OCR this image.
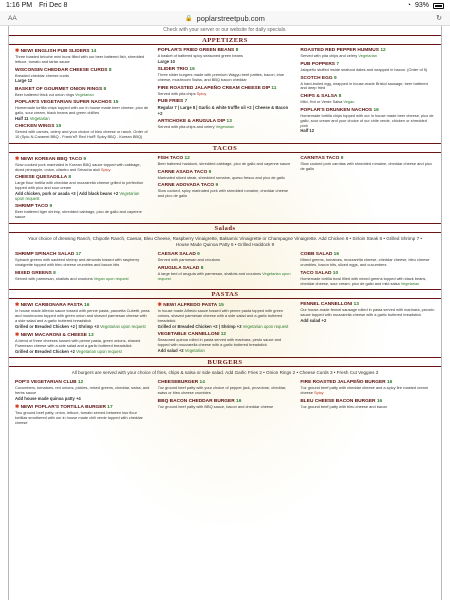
1:16 PM Fri Dec 8	◔ 93%
AA	🔒 poplarstreetpub.com	↻
Check with your server or our website for daily specials.
APPETIZERS
✱ NEW! ENGLISH PUB SLIDERS 14
Three toasted brioche mini buns filled with our beer battered fish, shredded lettuce, tomato and tartar sauce
WISCONSIN CHEDDAR CHEESE CURDS 8
Breaded cheddar cheese curds
Large 12
BASKET OF GOURMET ONION RINGS 8
Beer battered thick cut onion rings Vegetarian
POPLAR'S VEGETARIAN SUPER NACHOS 15
Homemade tortilla chips topped with our in house made beer cheese, pico de gallo, sour cream, black beans and green chillies
Half 11 Vegetarian
CHICKEN WINGS 15
Served with carrots, celery and your choice of bleu cheese or ranch. Order of 10 (Spic-N-Caramel BBQ - Frank's® Red Hot® Spicy BBQ - Korean BBQ)
POPLAR'S FRIED GREEN BEANS 8
A basket of battered spicy seasoned green beans
Large 10
SLIDER TRIO 16
Three slider burgers made with premium Wagyu beef patties, bacon, blue cheese, mushroom Swiss, and BBQ bacon cheddar
FIRE ROASTED JALAPEÑO CREAM CHEESE DIP 11
Served with pita chips Spicy
PUB FRIES 7
Regular 7 | Large 8 | Garlic & white truffle oil +2 | Cheese & Bacon +2
ARTICHOKE & ARUGULA DIP 13
Served with pita chips and celery Vegetarian
ROASTED RED PEPPER HUMMUS 12
Served with pita chips and celery Vegetarian
PUB POPPERS 7
Jalapeño stuffed inside seafood dates and wrapped in bacon. (Order of 5)
SCOTCH EGG 9
A hard-boiled egg, wrapped in house-made Bristol sausage, beer battered and deep fried
CHIPS & SALSA 8
Mild, Hot or Verde Salsa Vegan
POPLAR'S DRUNKEN NACHOS 16
Homemade tortilla chips topped with our in house made beer cheese, pico de gallo, sour cream and your choice of our chile verde, chicken or shredded pork
Half 12
TACOS
✱ NEW! KOREAN BBQ TACO 9
Slow cooked pork marinated in Korean BBQ sauce topped with cabbage, diced pineapple, onion, cilantro and Sriracha aioli Spicy
CHEESE QUESADILLA 8
Large flour tortilla with cheddar and mozzarella cheese grilled to perfection topped with pico and sour cream
Add chicken, pork or asada +3 | Add black beans +2 Vegetarian upon request
SHRIMP TACO 9
Beer battered tiger shrimp, shredded cabbage, pico de gallo and cayenne sauce
FISH TACO 12
Beer battered haddock, shredded cabbage, pico de gallo and cayenne sauce
CARNE ASADA TACO 9
Marinated sliced steak, shredded romaine, queso fresco and pico de gallo
CARNE ADOVADA TACO 9
Slow cooked, spicy marinated pork with shredded romaine, cheddar cheese and pico de gallo
CARNITAS TACO 9
Slow cooked pork carnitas with shredded romaine, cheddar cheese and pico de gallo
Salads
Your choice of dressing Ranch, Chipotle Ranch, Caesar, Bleu Cheese, Raspberry Vinaigrette, Balsamic Vinaigrette or Champagne Vinaigrette. Add Chicken 6 • Sirloin Steak 8 • Grilled Shrimp 7 • House Made Quinoa Patty 6 • Grilled Haddock 9
SHRIMP SPINACH SALAD 17
Spinach greens with sautéed shrimp and almonds tossed with raspberry vinaigrette topped with bleu cheese crumbles and bacon bits
MIXED GREENS 8
Served with parmesan, shallots and croutons Vegan upon request
CAESAR SALAD 9
Served with parmesan and croutons
ARUGULA SALAD 8
A large bed of arugula with parmesan, shallots and croutons Vegetarian upon request
COBB SALAD 16
Mixed greens, tomatoes, mozzarella cheese, cheddar cheese, bleu cheese crumbles, bacon bits, sliced eggs, and cucumbers
TACO SALAD 10
Homemade tortilla bowl filled with mixed greens topped with black beans, cheddar cheese, sour cream, pico de gallo and mild salsa Vegetarian
PASTAS
✱ NEW! CARBONARA PASTA 16
In house made Alfredo sauce tossed with penne pasta, pancetta Cubetti, peas and mushrooms topped with green onion and shaved parmesan cheese with a side salad and a garlic buttered breadstick
Grilled or Breaded Chicken +2 | Shrimp +3 Vegetarian upon request
✱ NEW! MACARONI & CHEESE 13
A blend of three cheeses tossed with penne pasta, green onions, shaved Parmesan cheese with a side salad and a garlic buttered breadstick
Grilled or Breaded Chicken +2 Vegetarian upon request
✱ NEW! ALFREDO PASTA 15
In house made Alfredo sauce tossed with penne pasta topped with green onions, shaved parmesan cheese with a side salad and a garlic buttered breadstick
Grilled or Breaded Chicken +2 | Shrimp +3 Vegetarian upon request
VEGETABLE CANNELLONI 12
Seasoned quinoa rolled in pasta served with marinara, pesto sauce and topped with mozzarella cheese with a garlic buttered breadstick
Add salad +2 Vegetarian
FENNEL CANNELLONI 13
Our house-made fennel sausage rolled in pasta served with marinara, pecorin sauce topped with mozzarella cheese with a garlic buttered breadstick
Add salad +2
BURGERS
All burgers are served with your choice of fries, chips & salsa or side salad. Add Garlic Fries 2 • Onion Rings 2 • Cheese Curds 3 • Fresh Cut Veggies 3
POP'S VEGETARIAN CLUB 12
Cucumbers, tomatoes, red onions, pickles, mixed greens, cheddar, swiss, and herbs sauce
Add house made quinoa patty +4
✱ NEW! POPLAR'S TORTILLA BURGER 17
Two ground beef patty, onion, lettuce, tomato served between two flour tortillas smothered with our in house made chili verde topped with cheddar cheese
CHEESEBURGER 14
7oz ground beef patty with your choice of pepper jack, provolone, cheddar, swiss or bleu cheese crumbles
BBQ BACON CHEDDAR BURGER 16
7oz ground beef patty with BBQ sauce, bacon and cheddar cheese
FIRE ROASTED JALAPEÑO BURGER 16
7oz ground beef patty with cheddar cheese and a spicy fire roasted cream cheese Spicy
BLEU CHEESE BACON BURGER 16
7oz ground beef patty with bleu cheese and bacon
